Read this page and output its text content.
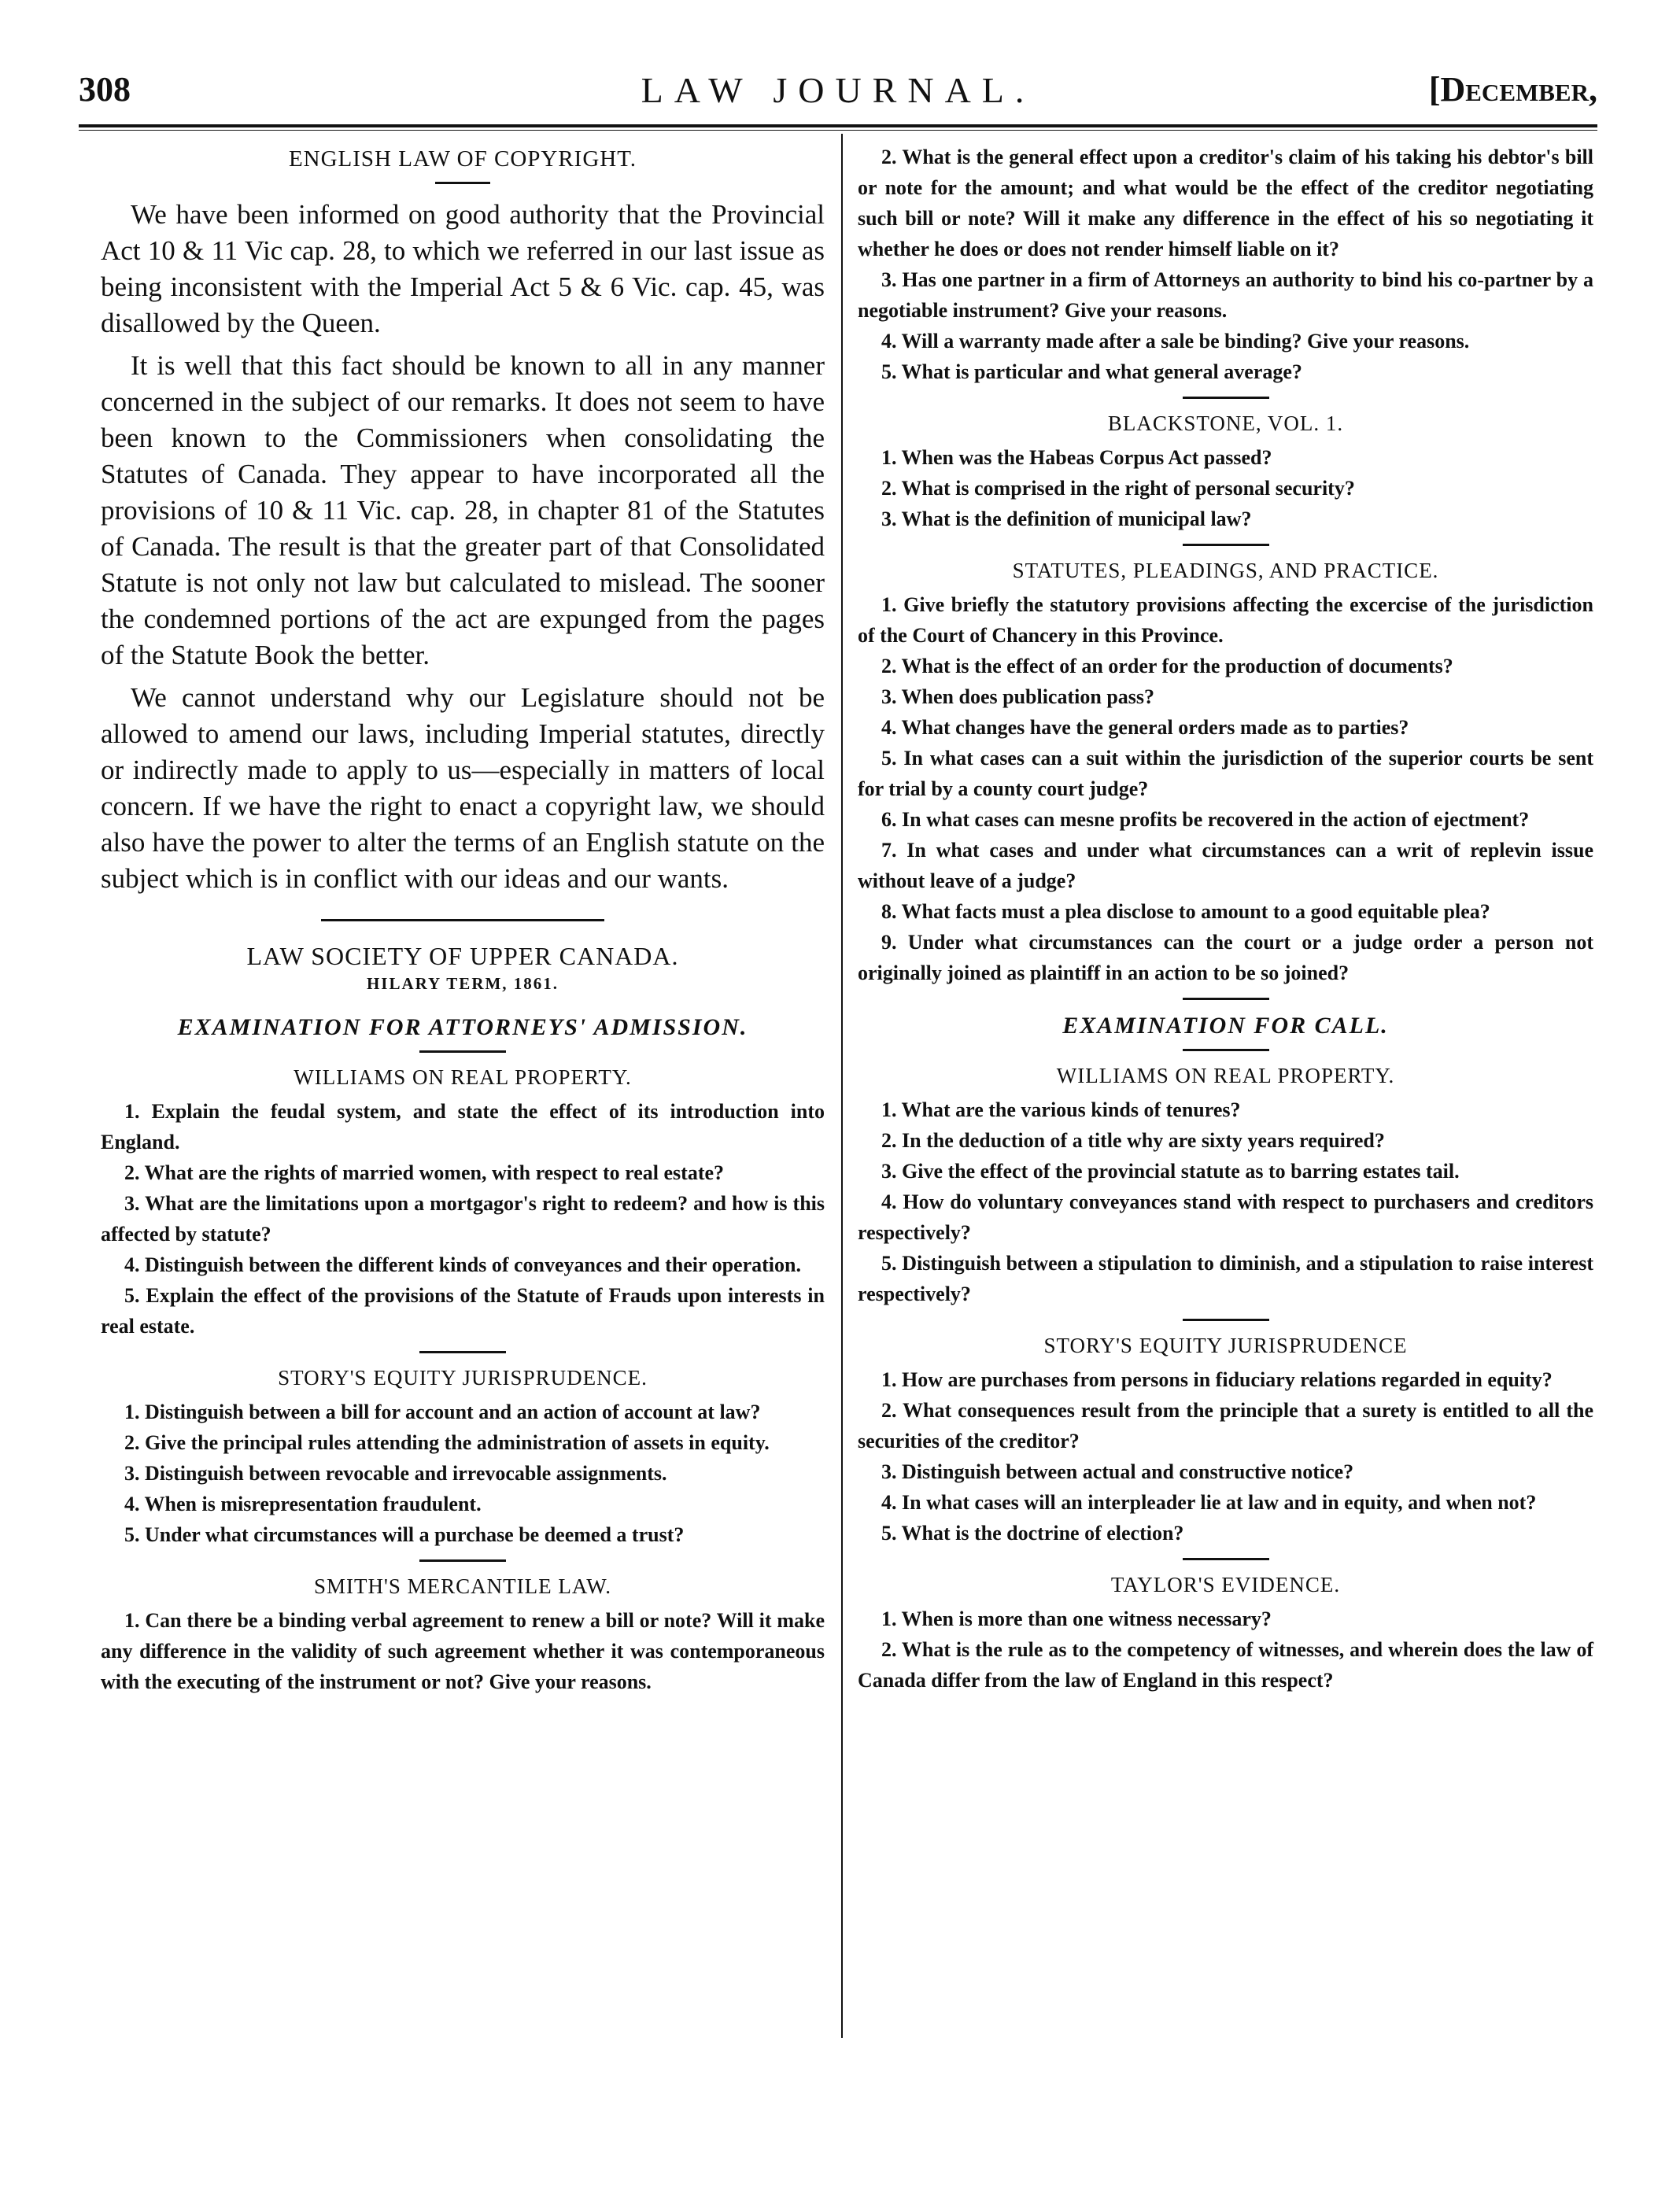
308	LAW JOURNAL.	[December,
ENGLISH LAW OF COPYRIGHT.

We have been informed on good authority that the Provincial Act 10 & 11 Vic cap. 28, to which we referred in our last issue as being inconsistent with the Imperial Act 5 & 6 Vic. cap. 45, was disallowed by the Queen.

It is well that this fact should be known to all in any manner concerned in the subject of our remarks. It does not seem to have been known to the Commissioners when consolidating the Statutes of Canada. They appear to have incorporated all the provisions of 10 & 11 Vic. cap. 28, in chapter 81 of the Statutes of Canada. The result is that the greater part of that Consolidated Statute is not only not law but calculated to mislead. The sooner the condemned portions of the act are expunged from the pages of the Statute Book the better.

We cannot understand why our Legislature should not be allowed to amend our laws, including Imperial statutes, directly or indirectly made to apply to us—especially in matters of local concern. If we have the right to enact a copyright law, we should also have the power to alter the terms of an English statute on the subject which is in conflict with our ideas and our wants.

LAW SOCIETY OF UPPER CANADA.
HILARY TERM, 1861.
EXAMINATION FOR ATTORNEYS' ADMISSION.
WILLIAMS ON REAL PROPERTY.
1. Explain the feudal system, and state the effect of its introduction into England.
2. What are the rights of married women, with respect to real estate?
3. What are the limitations upon a mortgagor's right to redeem? and how is this affected by statute?
4. Distinguish between the different kinds of conveyances and their operation.
5. Explain the effect of the provisions of the Statute of Frauds upon interests in real estate.
STORY'S EQUITY JURISPRUDENCE.
1. Distinguish between a bill for account and an action of account at law?
2. Give the principal rules attending the administration of assets in equity.
3. Distinguish between revocable and irrevocable assignments.
4. When is misrepresentation fraudulent.
5. Under what circumstances will a purchase be deemed a trust?
SMITH'S MERCANTILE LAW.
1. Can there be a binding verbal agreement to renew a bill or note? Will it make any difference in the validity of such agreement whether it was contemporaneous with the executing of the instrument or not? Give your reasons.
2. What is the general effect upon a creditor's claim of his taking his debtor's bill or note for the amount; and what would be the effect of the creditor negotiating such bill or note? Will it make any difference in the effect of his so negotiating it whether he does or does not render himself liable on it?
3. Has one partner in a firm of Attorneys an authority to bind his co-partner by a negotiable instrument? Give your reasons.
4. Will a warranty made after a sale be binding? Give your reasons.
5. What is particular and what general average?
BLACKSTONE, VOL. 1.
1. When was the Habeas Corpus Act passed?
2. What is comprised in the right of personal security?
3. What is the definition of municipal law?
STATUTES, PLEADINGS, AND PRACTICE.
1. Give briefly the statutory provisions affecting the excercise of the jurisdiction of the Court of Chancery in this Province.
2. What is the effect of an order for the production of documents?
3. When does publication pass?
4. What changes have the general orders made as to parties?
5. In what cases can a suit within the jurisdiction of the superior courts be sent for trial by a county court judge?
6. In what cases can mesne profits be recovered in the action of ejectment?
7. In what cases and under what circumstances can a writ of replevin issue without leave of a judge?
8. What facts must a plea disclose to amount to a good equitable plea?
9. Under what circumstances can the court or a judge order a person not originally joined as plaintiff in an action to be so joined?
EXAMINATION FOR CALL.
WILLIAMS ON REAL PROPERTY.
1. What are the various kinds of tenures?
2. In the deduction of a title why are sixty years required?
3. Give the effect of the provincial statute as to barring estates tail.
4. How do voluntary conveyances stand with respect to purchasers and creditors respectively?
5. Distinguish between a stipulation to diminish, and a stipulation to raise interest respectively?
STORY'S EQUITY JURISPRUDENCE
1. How are purchases from persons in fiduciary relations regarded in equity?
2. What consequences result from the principle that a surety is entitled to all the securities of the creditor?
3. Distinguish between actual and constructive notice?
4. In what cases will an interpleader lie at law and in equity, and when not?
5. What is the doctrine of election?
TAYLOR'S EVIDENCE.
1. When is more than one witness necessary?
2. What is the rule as to the competency of witnesses, and wherein does the law of Canada differ from the law of England in this respect?
